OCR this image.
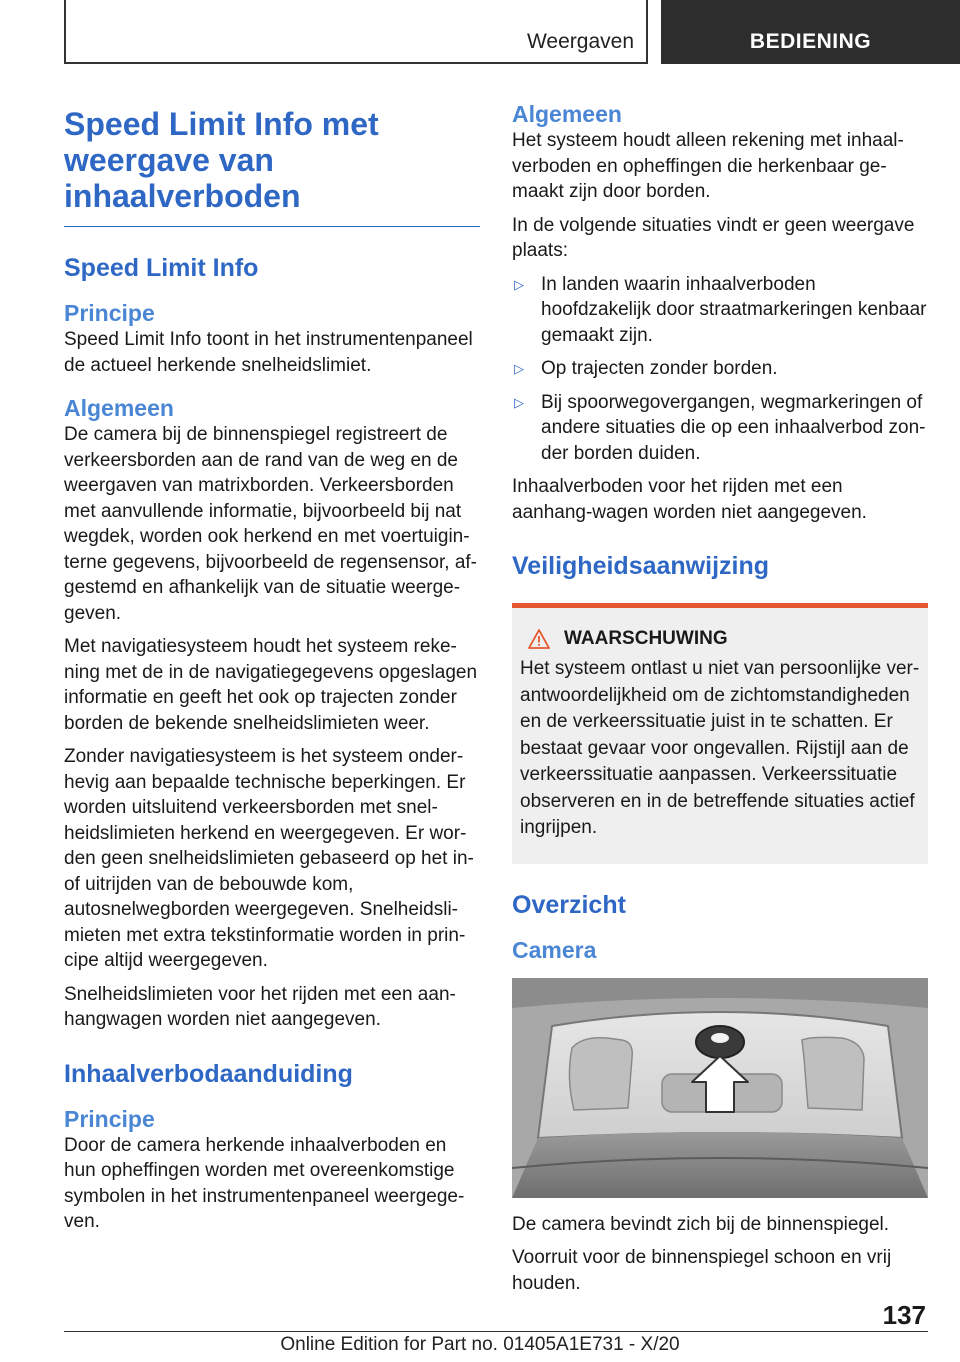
Weergaven	BEDIENING
Speed Limit Info met weergave van inhaalverboden
Speed Limit Info
Principe

Speed Limit Info toont in het instrumentenpaneel de actueel herkende snelheidslimiet.

Algemeen

De camera bij de binnenspiegel registreert de verkeersborden aan de rand van de weg en de weergaven van matrixborden. Verkeersborden met aanvullende informatie, bijvoorbeeld bij nat wegdek, worden ook herkend en met voertuigin-terne gegevens, bijvoorbeeld de regensensor, af-gestemd en afhankelijk van de situatie weerge-geven.

Met navigatiesysteem houdt het systeem reke-ning met de in de navigatiegegevens opgeslagen informatie en geeft het ook op trajecten zonder borden de bekende snelheidslimieten weer.

Zonder navigatiesysteem is het systeem onder-hevig aan bepaalde technische beperkingen. Er worden uitsluitend verkeersborden met snel-heidslimieten herkend en weergegeven. Er wor-den geen snelheidslimieten gebaseerd op het in- of uitrijden van de bebouwde kom, autosnelwegborden weergegeven. Snelheidsli-mieten met extra tekstinformatie worden in prin-cipe altijd weergegeven.

Snelheidslimieten voor het rijden met een aan-hangwagen worden niet aangegeven.

Inhaalverbodaanduiding
Principe

Door de camera herkende inhaalverboden en hun opheffingen worden met overeenkomstige symbolen in het instrumentenpaneel weergege-ven.

Algemeen

Het systeem houdt alleen rekening met inhaal-verboden en opheffingen die herkenbaar ge-maakt zijn door borden.

In de volgende situaties vindt er geen weergave plaats:

▷ In landen waarin inhaalverboden hoofdzakelijk door straatmarkeringen kenbaar gemaakt zijn.
▷ Op trajecten zonder borden.
▷ Bij spoorwegovergangen, wegmarkeringen of andere situaties die op een inhaalverbod zon-der borden duiden.

Inhaalverboden voor het rijden met een aanhang-wagen worden niet aangegeven.

Veiligheidsaanwijzing
WAARSCHUWING

Het systeem ontlast u niet van persoonlijke ver-antwoordelijkheid om de zichtomstandigheden en de verkeerssituatie juist in te schatten. Er bestaat gevaar voor ongevallen. Rijstijl aan de verkeerssituatie aanpassen. Verkeerssituatie observeren en in de betreffende situaties actief ingrijpen.

Overzicht
Camera

De camera bevindt zich bij de binnenspiegel.

Voorruit voor de binnenspiegel schoon en vrij houden.

137
Online Edition for Part no. 01405A1E731 - X/20
